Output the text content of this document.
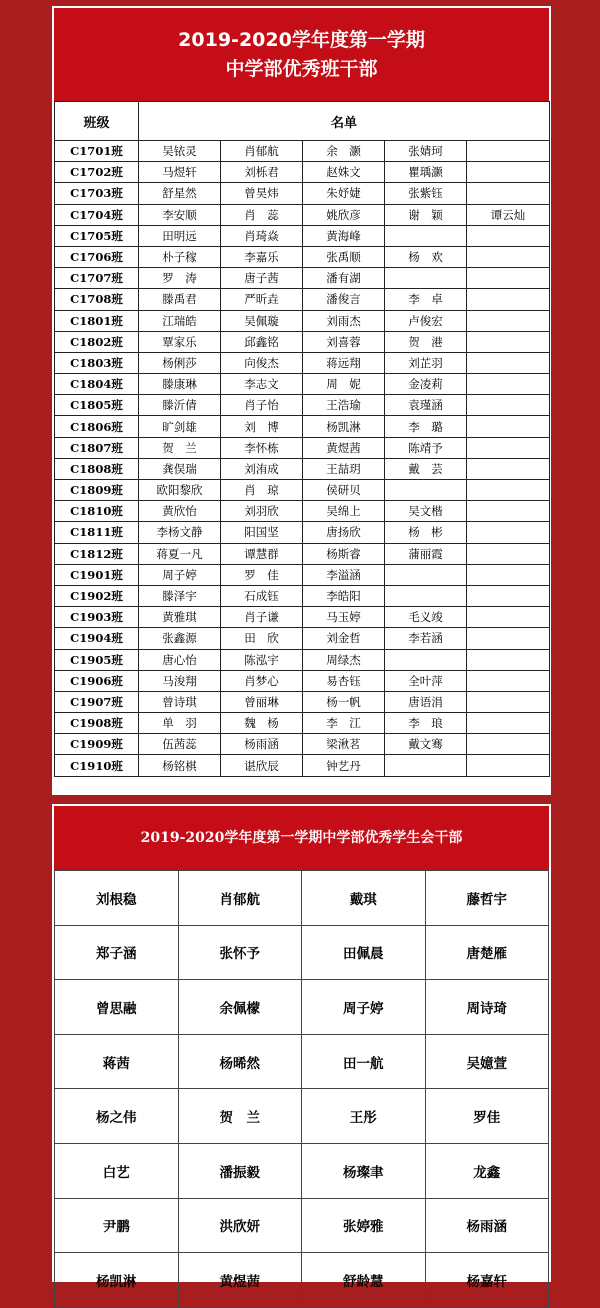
2019-2020学年度第一学期
中学部优秀班干部
班级	名单				
C1701班	吴铱灵	肖郁航	余　灏	张婧珂	
C1702班	马煜轩	刘栎君	赵姝文	瞿瑀灏	
C1703班	舒星然	曾昊炜	朱妤婕	张紫钰	
C1704班	李安顺	肖　蕊	姚欣彦	谢　颖	谭云灿
C1705班	田明远	肖琦焱	黄海峰		
C1706班	朴子稼	李嘉乐	张禹顺	杨　欢	
C1707班	罗　涛	唐子茜	潘有湖		
C1708班	滕禹君	严昕垚	潘俊言	李　卓	
C1801班	江瑞皓	吴佩璇	刘雨杰	卢俊宏	
C1802班	覃家乐	邱鑫铭	刘喜蓉	贺　港	
C1803班	杨俐莎	向俊杰	蒋远翔	刘芷羽	
C1804班	滕康琳	李志文	周　妮	金凌莉	
C1805班	滕沂倩	肖子怡	王浩瑜	袁瑾涵	
C1806班	旷剑雄	刘　博	杨凯淋	李　璐	
C1807班	贺　兰	李怀栋	黄煜茜	陈靖予	
C1808班	龚俣瑞	刘洧成	王喆玥	戴　芸	
C1809班	欧阳黎欣	肖　琼	侯研贝		
C1810班	黄欣怡	刘羽欣	吴绵上	吴文楷	
C1811班	李杨文静	阳国坚	唐扬欣	杨　彬	
C1812班	蒋夏一凡	谭慧群	杨斯睿	蒲丽霞	
C1901班	周子婷	罗　佳	李溢涵		
C1902班	滕泽宇	石成钰	李皓阳		
C1903班	黄雅琪	肖子谦	马玉婷	毛义竣	
C1904班	张鑫源	田　欣	刘金哲	李若涵	
C1905班	唐心怡	陈泓宇	周绿杰		
C1906班	马浚翔	肖梦心	易杏钰	全叶萍	
C1907班	曾诗琪	曾丽琳	杨一帆	唐语涓	
C1908班	单　羽	魏　杨	李　江	李　琅	
C1909班	伍茜蕊	杨雨涵	梁湫茗	戴文骞	
C1910班	杨铭棋	谌欣辰	钟艺丹		
2019-2020学年度第一学期中学部优秀学生会干部
刘根稳	肖郁航	戴琪	藤哲宇
郑子涵	张怀予	田佩晨	唐楚雁
曾思融	余佩檬	周子婷	周诗琦
蒋茜	杨晞然	田一航	吴嬑萱
杨之伟	贺　兰	王彤	罗佳
白艺	潘振毅	杨璨聿	龙鑫
尹鹏	洪欣妍	张婷雅	杨雨涵
杨凯淋	黄煜茜	舒龄慧	杨嘉轩
